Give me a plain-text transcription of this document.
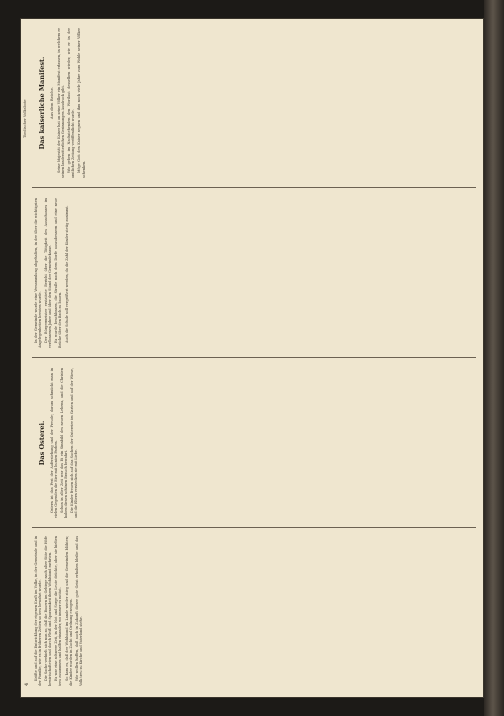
4
Tirolischer Volksbote

Kräfte und auf die Entwicklung der eigenen Kraft im Volke, in der Gemeinde und in der Familie, wie es in früheren Zeiten so treu bewahrt wurde. Die Sache verhielt sich nun so, daß die Bauern im Gebirge nach alter Sitte die Höfe bewirtschafteten und durch Fleiß und Sparsamkeit ihren Wohlstand mehrten. Es war eine schwere Zeit, in der Not und Sorge die Leute drückte, aber sie hielten treu zusammen und halfen einander, wo immer es nottat. So kam es, daß der Wohlstand im Lande wieder stieg und die Gemeinden blühten; die Kinder wurden in Zucht und Ordnung erzogen. Wir wollen hoffen, daß auch in Zukunft dieser gute Geist erhalten bleibe und das Volk treu zu Kirche und Vaterland stehe.

Das Osterei. Ostern ist das Fest der Auferstehung und der Freude; darum schmückt man in vielen Gegenden die Eier mit bunten Farben. Schon in alter Zeit war das Ei ein Sinnbild des neuen Lebens, und die Christen haben diesen schönen Brauch bewahrt. Die Kinder freuen sich auf das Suchen der Ostereier im Garten und auf der Wiese, und die Eltern verstecken sie mit Liebe.

In der Gemeinde wurde eine Versammlung abgehalten, in der über die wichtigsten Angelegenheiten beraten wurde. Der Bürgermeister erstattete Bericht über die Tätigkeit des Ausschusses im verflossenen Jahre und über den Stand der Gemeindekasse. Es wurde beschlossen, die Straße nach dem Dorfe auszubessern und eine neue Brücke über den Bach zu bauen. Auch die Schule soll vergrößert werden, da die Zahl der Kinder stetig zunimmt.

Das kaiserliche Manifest. Aus dem Reiche. Seine Majestät der Kaiser hat an seine Völker ein Manifest erlassen, in welchem er seinen landesväterlichen Gesinnungen Ausdruck gibt. Wir geben im Nachstehenden den Wortlaut desselben wieder, wie er in der amtlichen Zeitung veröffentlicht wurde. Möge Gott den Kaiser segnen und ihm noch viele Jahre zum Wohle seiner Völker schenken.
